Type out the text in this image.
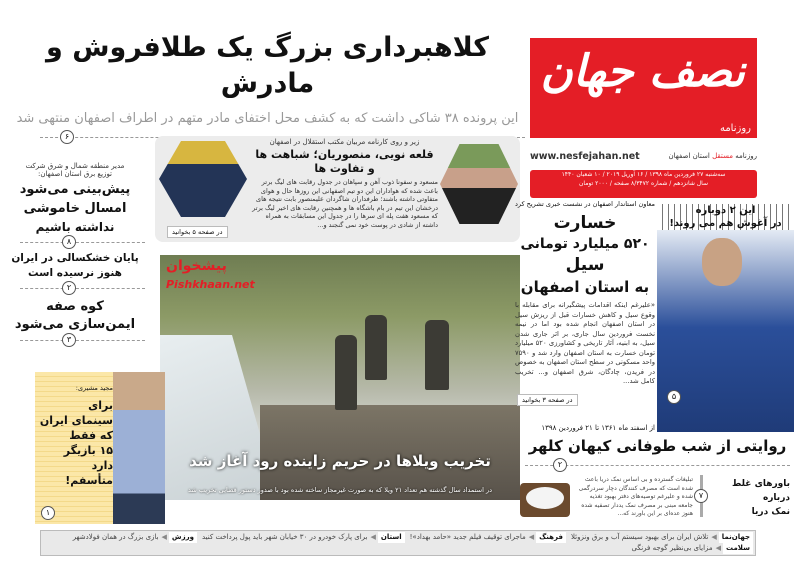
نصف جهان
روزنامه
www.nesfejahan.net	روزنامه مستقل استان اصفهان
سه‌شنبه ۲۷ فروردین ماه ۱۳۹۸ / ۱۶ آوریل ۲۰۱۹ / ۱۰ شعبان ۱۴۴۰
سال شانزدهم / شماره ۸/۳۴۷۲ صفحه / ۲۰۰۰ تومان
کلاهبرداری بزرگ یک طلافروش و مادرش
این پرونده ۳۸ شاکی داشت که به کشف محل اختفای مادر متهم در اطراف اصفهان منتهی شد
۶
زیر و روی کارنامه مربیان مکتب استقلال در اصفهان
قلعه نویی، منصوریان؛ شباهت ها و تفاوت ها
مسعود و سفونا ذوب آهن و سپاهان در جدول رقابت های لیگ برتر باعث شده که هواداران این دو تیم اصفهانی این روزها حال و هوای متفاوتی داشته باشند؛ طرفداران شاگردان علیمنصور بابت نتیجه های درخشان این تیم در بام باشگاه ها و همچنین رقابت های اخیر لیگ برتر که مسعود هفت پله ای سرها را در جدول این مسابقات به همراه داشته از شادی در پوست خود نمی گنجند و...
در صفحه ۵ بخوانید
تخریب ویلاها در حریم زاینده رود آغاز شد
در استمداد سال گذشته هم تعداد ۲۱ ویلا که به صورت غیرمجاز ساخته شده بود با صدور دستور قضایی تخریب شد
پیشخوان
Pishkhaan.net
مدیر منطقه شمال و شرق شرکت توزیع برق استان اصفهان:
پیش‌بینی می‌شود
امسال خاموشی
نداشته باشیم
۸
پایان خشکسالی در ایران
هنوز نرسیده است
۲
کوه صفه
ایمن‌سازی می‌شود
۳
مجید مشیری:
برای
سینمای ایران
که فقط
۱۵ بازیگر دارد
متأسفم!
۱
معاون استاندار اصفهان در نشست خبری تشریح کرد
خسارت
۵۲۰ میلیارد تومانی
سیل
به استان اصفهان
«علیرغم اینکه اقدامات پیشگیرانه برای مقابله با وقوع سیل و کاهش خسارات قبل از ریزش سیل در استان اصفهان انجام شده بود اما در نیمه نخست فروردین سال جاری، بر اثر جاری شدن سیل، به ابنیه، آثار تاریخی و کشاورزی ۵۲۰ میلیارد تومان خسارت به استان اصفهان وارد شد و ۷۵۹۰ واحد مسکونی در سطح استان اصفهان به خصوص در فریدن، چادگان، شرق اصفهان و... تخریب کامل شد...
در صفحه ۳ بخوانید
این ۲ دوباره
در آغوش هم می روند!
۵
از اسفند ماه ۱۳۶۱ تا ۲۱ فروردین ۱۳۹۸
روایتی از شب طوفانی کیهان کلهر
۲
تبلیغات گسترده و بی اساس نمک دریا باعث شده است که مصرف کنندگان دچار سردرگمی شده و علیرغم توصیه‌های دفتر بهبود تغذیه جامعه مبنی بر مصرف نمک یددار تصفیه شده هنوز عده‌ای بر این باورند که...
۷
باورهای غلط
درباره
نمک دریا
جهان‌نما
◀
تلاش ایران برای بهبود سیستم آب و برق ونزوئلا
فرهنگ
◀
ماجرای توقیف فیلم جدید «حامد بهداد»!
استان
◀
برای پارک خودرو در ۳۰ خیابان شهر باید پول پرداخت کنید
ورزش
◀
بازی بزرگ در همان فولادشهر
سلامت
◀
مزایای بی‌نظیر گوجه فرنگی
